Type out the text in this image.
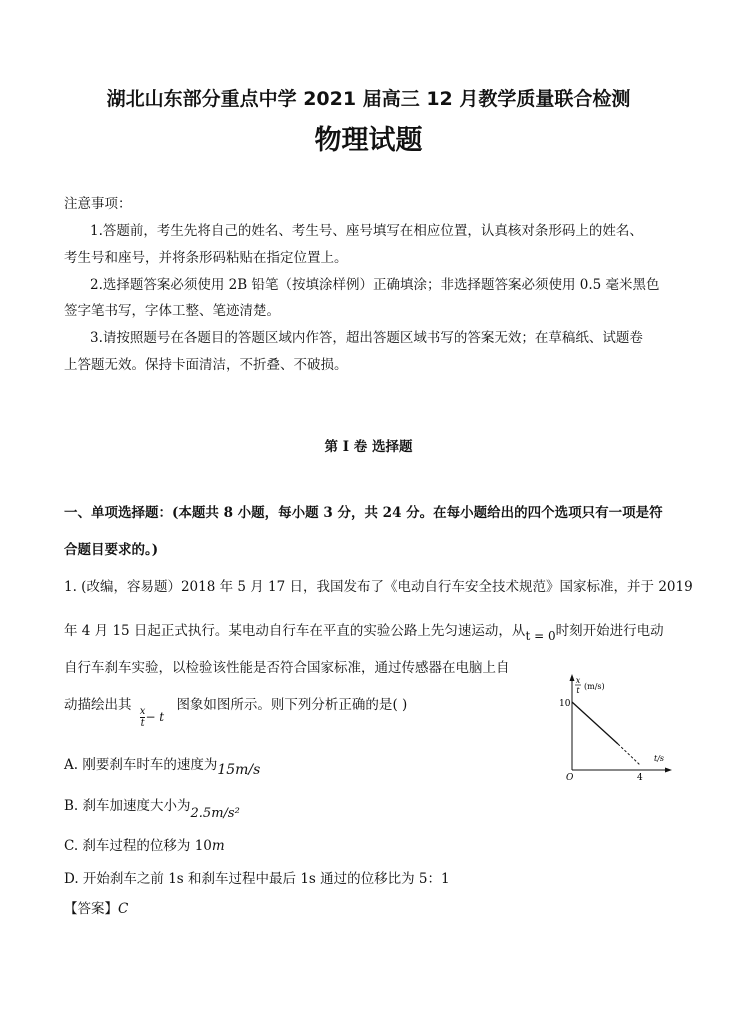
湖北山东部分重点中学 2021 届高三 12 月教学质量联合检测
物理试题
注意事项：
1.答题前，考生先将自己的姓名、考生号、座号填写在相应位置，认真核对条形码上的姓名、
考生号和座号，并将条形码粘贴在指定位置上。
2.选择题答案必须使用 2B 铅笔（按填涂样例）正确填涂；非选择题答案必须使用 0.5 毫米黑色
签字笔书写，字体工整、笔迹清楚。
3.请按照题号在各题目的答题区域内作答，超出答题区域书写的答案无效；在草稿纸、试题卷
上答题无效。保持卡面清洁，不折叠、不破损。
第 I 卷 选择题
一、单项选择题：(本题共 8 小题，每小题 3 分，共 24 分。在每小题给出的四个选项只有一项是符
合题目要求的。)
1. (改编，容易题）2018 年 5 月 17 日，我国发布了《电动自行车安全技术规范》国家标准，并于 2019
年 4 月 15 日起正式执行。某电动自行车在平直的实验公路上先匀速运动，从t = 0时刻开始进行电动
自行车刹车实验，以检验该性能是否符合国家标准，通过传感器在电脑上自
动描绘出其 $\frac{x}{t} - t$ 图象如图所示。则下列分析正确的是( )
A. 刚要刹车时车的速度为15m/s
B. 刹车加速度大小为2.5m/s²
C. 刹车过程的位移为 10m
D. 开始刹车之前 1s 和刹车过程中最后 1s 通过的位移比为 5：1
【答案】C
x
t (m/s)
10
t/s
O	4
